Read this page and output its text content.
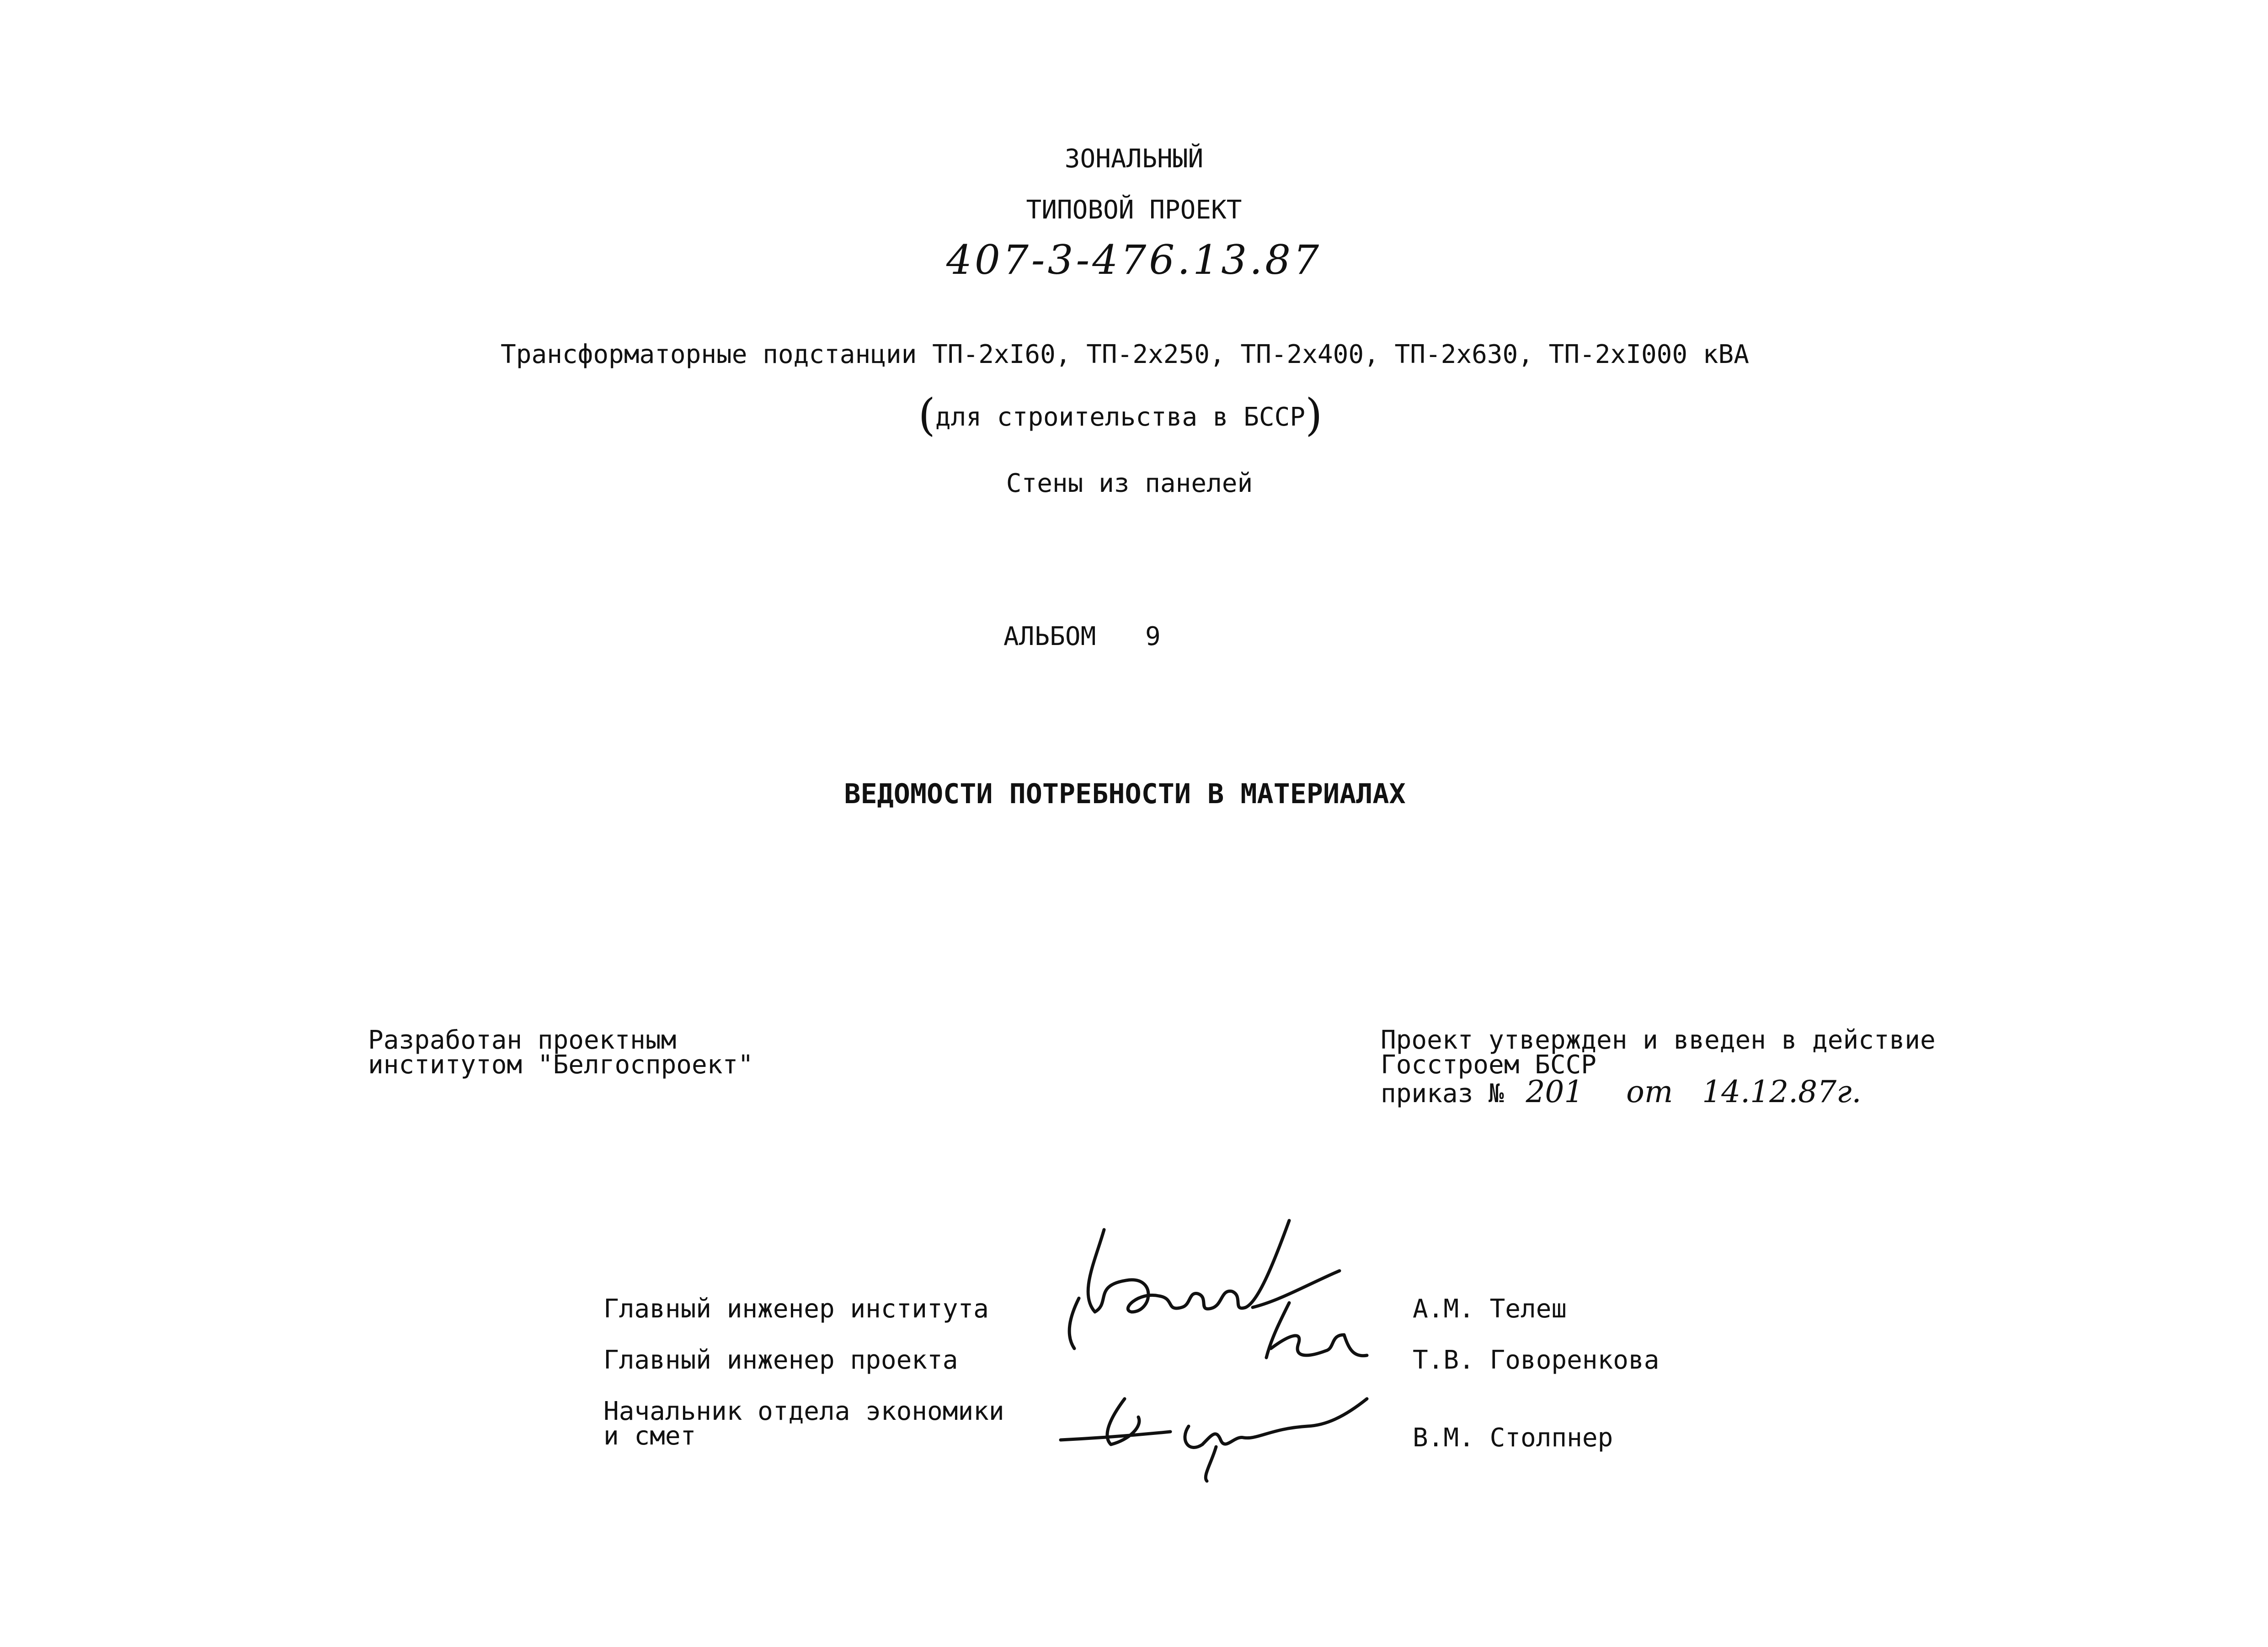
ЗОНАЛЬНЫЙ
ТИПОВОЙ ПРОЕКТ
407-3-476.13.87
Трансформаторные подстанции ТП-2хI60, ТП-2х250, ТП-2х400, ТП-2х630, ТП-2хI000 кВА
(для строительства в БССР)
Стены из панелей
АЛЬБОМ 9
ВЕДОМОСТИ ПОТРЕБНОСТИ В МАТЕРИАЛАХ
Разработан проектным
институтом "Белгоспроект"
Проект утвержден и введен в действие
Госстроем БССР
приказ № 201 от 14.12.87г.
Главный инженер института	А.М. Телеш
Главный инженер проекта	Т.В. Говоренкова
Начальник отдела экономики
и смет	В.М. Столпнер
